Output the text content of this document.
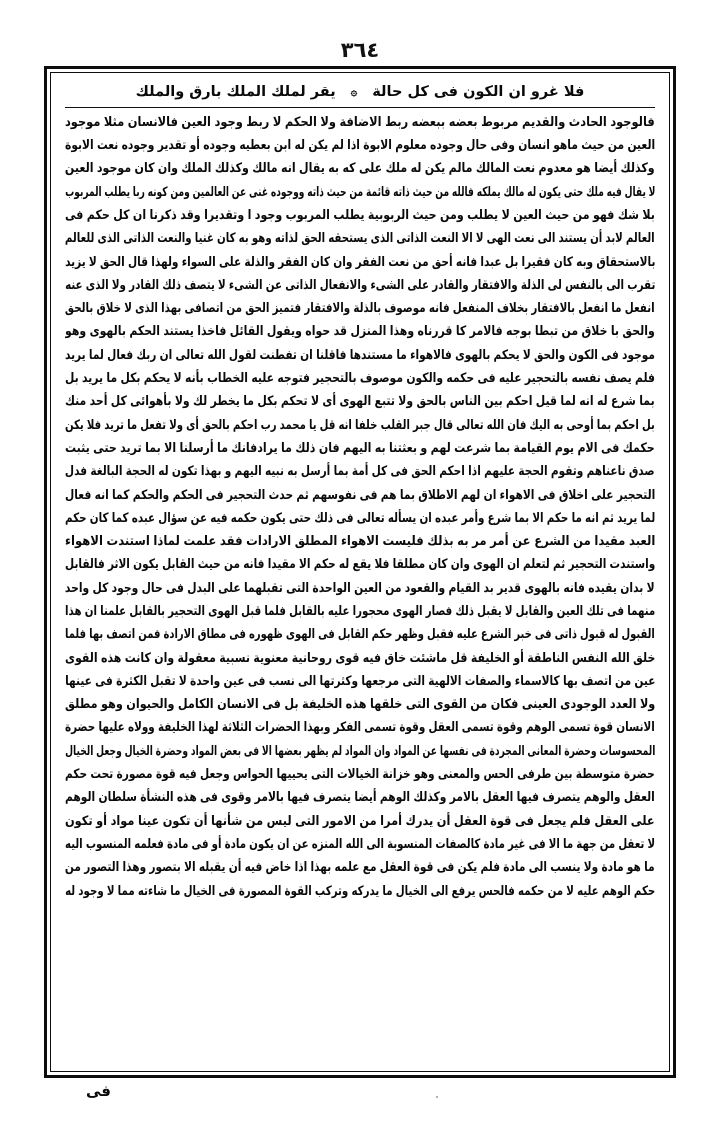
٣٦٤
فلا غرو ان الكون فى كل حالة ۞ يقر لملك الملك بارق والملك
فالوجود الحادث والقديم مربوط بعضه ببعضه ربط الاضافة ولا الحكم لا ربط وجود العين فالانسان مثلا موجود
العين من حيث ماهو انسان وفى حال وجوده معلوم الابوة اذا لم يكن له ابن بعطيه وجوده أو تقدير وجوده نعت الابوة
وكذلك أيضا هو معدوم نعت المالك مالم يكن له ملك على كه به يقال انه مالك وكذلك الملك وان كان موجود العين
لا يقال فيه ملك حتى يكون له مالك يملكه فالله من حيث ذاته قائمة من حيث ذاته ووجوده غنى عن العالمين ومن كونه ربا يطلب المربوب
بلا شك فهو من حيث العين لا يطلب ومن حيث الربوبية يطلب المربوب وجود ا وتقديرا وقد ذكرنا ان كل حكم فى
العالم لابد أن يستند الى نعت الهى لا الا النعت الذاتى الذى يستحقه الحق لذاته وهو به كان غنيا والنعت الذاتى الذى للعالم
بالاستحقاق وبه كان فقيرا بل عبدا فانه أحق من نعت الفقر وان كان الفقر والذلة على السواء ولهذا قال الحق لا يزيد
تقرب الى بالنفس لى الذلة والافتقار والقادر على الشىء والانفعال الذاتى عن الشىء لا يتصف ذلك القادر ولا الذى عنه
انفعل ما انفعل بالافتقار بخلاف المنفعل فانه موصوف بالذلة والافتقار فتميز الحق من اتصافى بهذا الذى لا خلاق بالحق
والحق با خلاق من تبطا بوجه فالامر كا قررناه وهذا المنزل قد حواه ويقول القائل فاخذا يستند الحكم بالهوى وهو
موجود فى الكون والحق لا يحكم بالهوى فالاهواء ما مستندها فاقلنا ان تفطنت لقول الله تعالى ان ربك فعال لما يريد
فلم يصف نفسه بالتحجير عليه فى حكمه والكون موصوف بالتحجير فتوجه عليه الخطاب بأنه لا يحكم بكل ما يريد بل
بما شرع له انه لما قيل احكم بين الناس بالحق ولا تتبع الهوى أى لا تحكم بكل ما يخطر لك ولا بأهوائى كل أحد منك
بل احكم بما أوحى به اليك فان الله تعالى قال جبر القلب خلفا انه قل يا محمد رب احكم بالحق أى ولا تفعل ما تريد فلا يكن
حكمك فى الام يوم القيامة بما شرعت لهم و بعثتنا به اليهم فان ذلك ما يرادفانك ما أرسلنا الا بما تريد حتى يثبت
صدق ناعناهم وتقوم الحجة عليهم اذا احكم الحق فى كل أمة بما أرسل به نبيه اليهم و بهذا تكون له الحجة البالغة فدل
التحجير على اخلاق فى الاهواء ان لهم الاطلاق بما هم فى نفوسهم ثم حدث التحجير فى الحكم والحكم كما انه فعال
لما يريد ثم انه ما حكم الا بما شرع وأمر عبده ان يسأله تعالى فى ذلك حتى يكون حكمه فيه عن سؤال عبده كما كان حكم
العبد مقيدا من الشرع عن أمر مر به بذلك فليست الاهواء المطلق الارادات فقد علمت لماذا استندت الاهواء
واستندت التحجير ثم لتعلم ان الهوى وان كان مطلقا فلا يقع له حكم الا مقيدا فانه من حيث القابل يكون الاثر فالقابل
لا بدان يقيده فانه بالهوى قدير بد القيام والقعود من العين الواحدة التى تقبلهما على البدل فى حال وجود كل واحد
منهما فى تلك العين والقابل لا يقبل ذلك فصار الهوى محجورا عليه بالقابل فلما قبل الهوى التحجير بالقابل علمنا ان هذا
القبول له قبول ذاتى فى خبر الشرع عليه فقبل وظهر حكم القابل فى الهوى ظهوره فى مطاق الارادة فمن اتصف بها فلما
خلق الله النفس الناطقة أو الخليفة قل ماشئت خاق فيه قوى روحانية معنوية نسبية معقولة وان كانت هذه القوى
عين من اتصف بها كالاسماء والصفات الالهية التى مرجعها وكثرتها الى نسب فى عين واحدة لا تقبل الكثرة فى عينها
ولا العدد الوجودى العينى فكان من القوى التى خلقها هذه الخليفة بل فى الانسان الكامل والحيوان وهو مطلق
الانسان قوة تسمى الوهم وقوة تسمى العقل وقوة تسمى الفكر وبهذا الحضرات الثلاثة لهذا الخليفة وولاه عليها حضرة
المحسوسات وحضرة المعانى المجردة فى نفسها عن المواد وان المواد لم يظهر بعضها الا فى بعض المواد وحضرة الخيال وجعل الخيال
حضرة متوسطة بين طرفى الحس والمعنى وهو خزانة الخيالات التى يحييها الحواس وجعل فيه قوة مصورة تحت حكم
العقل والوهم يتصرف فيها العقل بالامر وكذلك الوهم أيضا يتصرف فيها بالامر وقوى فى هذه النشأة سلطان الوهم
على العقل فلم يجعل فى قوة العقل أن يدرك أمرا من الامور التى ليس من شأنها أن تكون عينا مواد أو تكون
لا تعقل من جهة ما الا فى غير مادة كالصفات المنسوبة الى الله المنزه عن ان يكون مادة أو فى مادة فعلمه المنسوب اليه
ما هو مادة ولا ينسب الى مادة فلم يكن فى قوة العقل مع علمه بهذا اذا خاض فيه أن يقبله الا بتصور وهذا التصور من
حكم الوهم عليه لا من حكمه فالحس يرفع الى الخيال ما يدركه وتركب القوة المصورة فى الخيال ما شاءته مما لا وجود له
فى
